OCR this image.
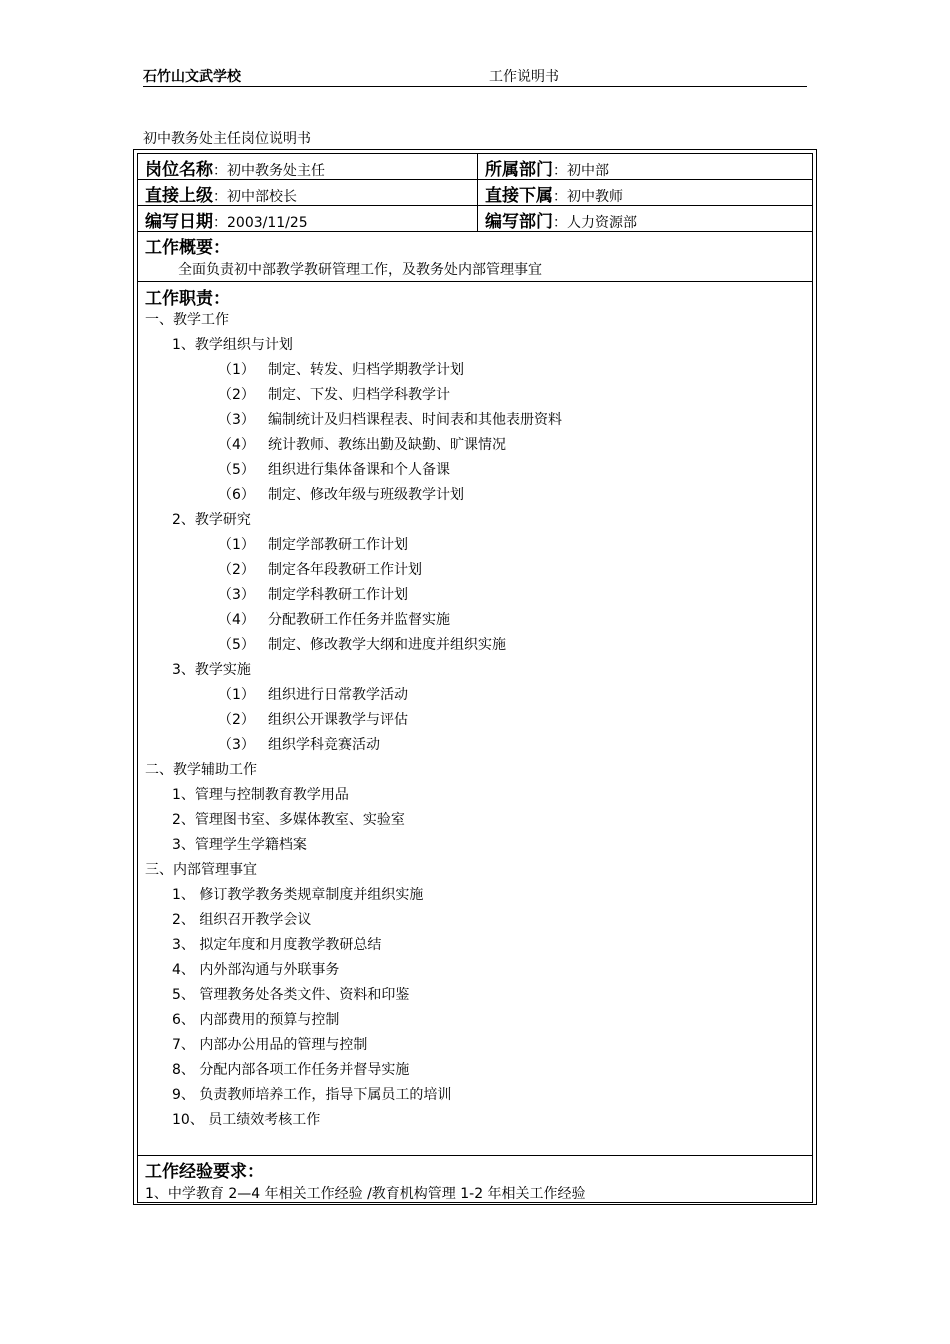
石竹山文武学校	工作说明书
初中教务处主任岗位说明书
岗位名称：初中教务处主任	所属部门：初中部
直接上级：初中部校长	直接下属：初中教师
编写日期：2003/11/25	编写部门：人力资源部
工作概要：
全面负责初中部教学教研管理工作，及教务处内部管理事宜
工作职责：
一、教学工作
1、教学组织与计划
（1） 制定、转发、归档学期教学计划
（2） 制定、下发、归档学科教学计
（3） 编制统计及归档课程表、时间表和其他表册资料
（4） 统计教师、教练出勤及缺勤、旷课情况
（5） 组织进行集体备课和个人备课
（6） 制定、修改年级与班级教学计划
2、教学研究
（1） 制定学部教研工作计划
（2） 制定各年段教研工作计划
（3） 制定学科教研工作计划
（4） 分配教研工作任务并监督实施
（5） 制定、修改教学大纲和进度并组织实施
3、教学实施
（1） 组织进行日常教学活动
（2） 组织公开课教学与评估
（3） 组织学科竞赛活动
二、教学辅助工作
1、管理与控制教育教学用品
2、管理图书室、多媒体教室、实验室
3、管理学生学籍档案
三、内部管理事宜
1、 修订教学教务类规章制度并组织实施
2、 组织召开教学会议
3、 拟定年度和月度教学教研总结
4、 内外部沟通与外联事务
5、 管理教务处各类文件、资料和印鉴
6、 内部费用的预算与控制
7、 内部办公用品的管理与控制
8、 分配内部各项工作任务并督导实施
9、 负责教师培养工作，指导下属员工的培训
10、 员工绩效考核工作
工作经验要求：
1、中学教育 2—4 年相关工作经验 /教育机构管理 1-2 年相关工作经验
